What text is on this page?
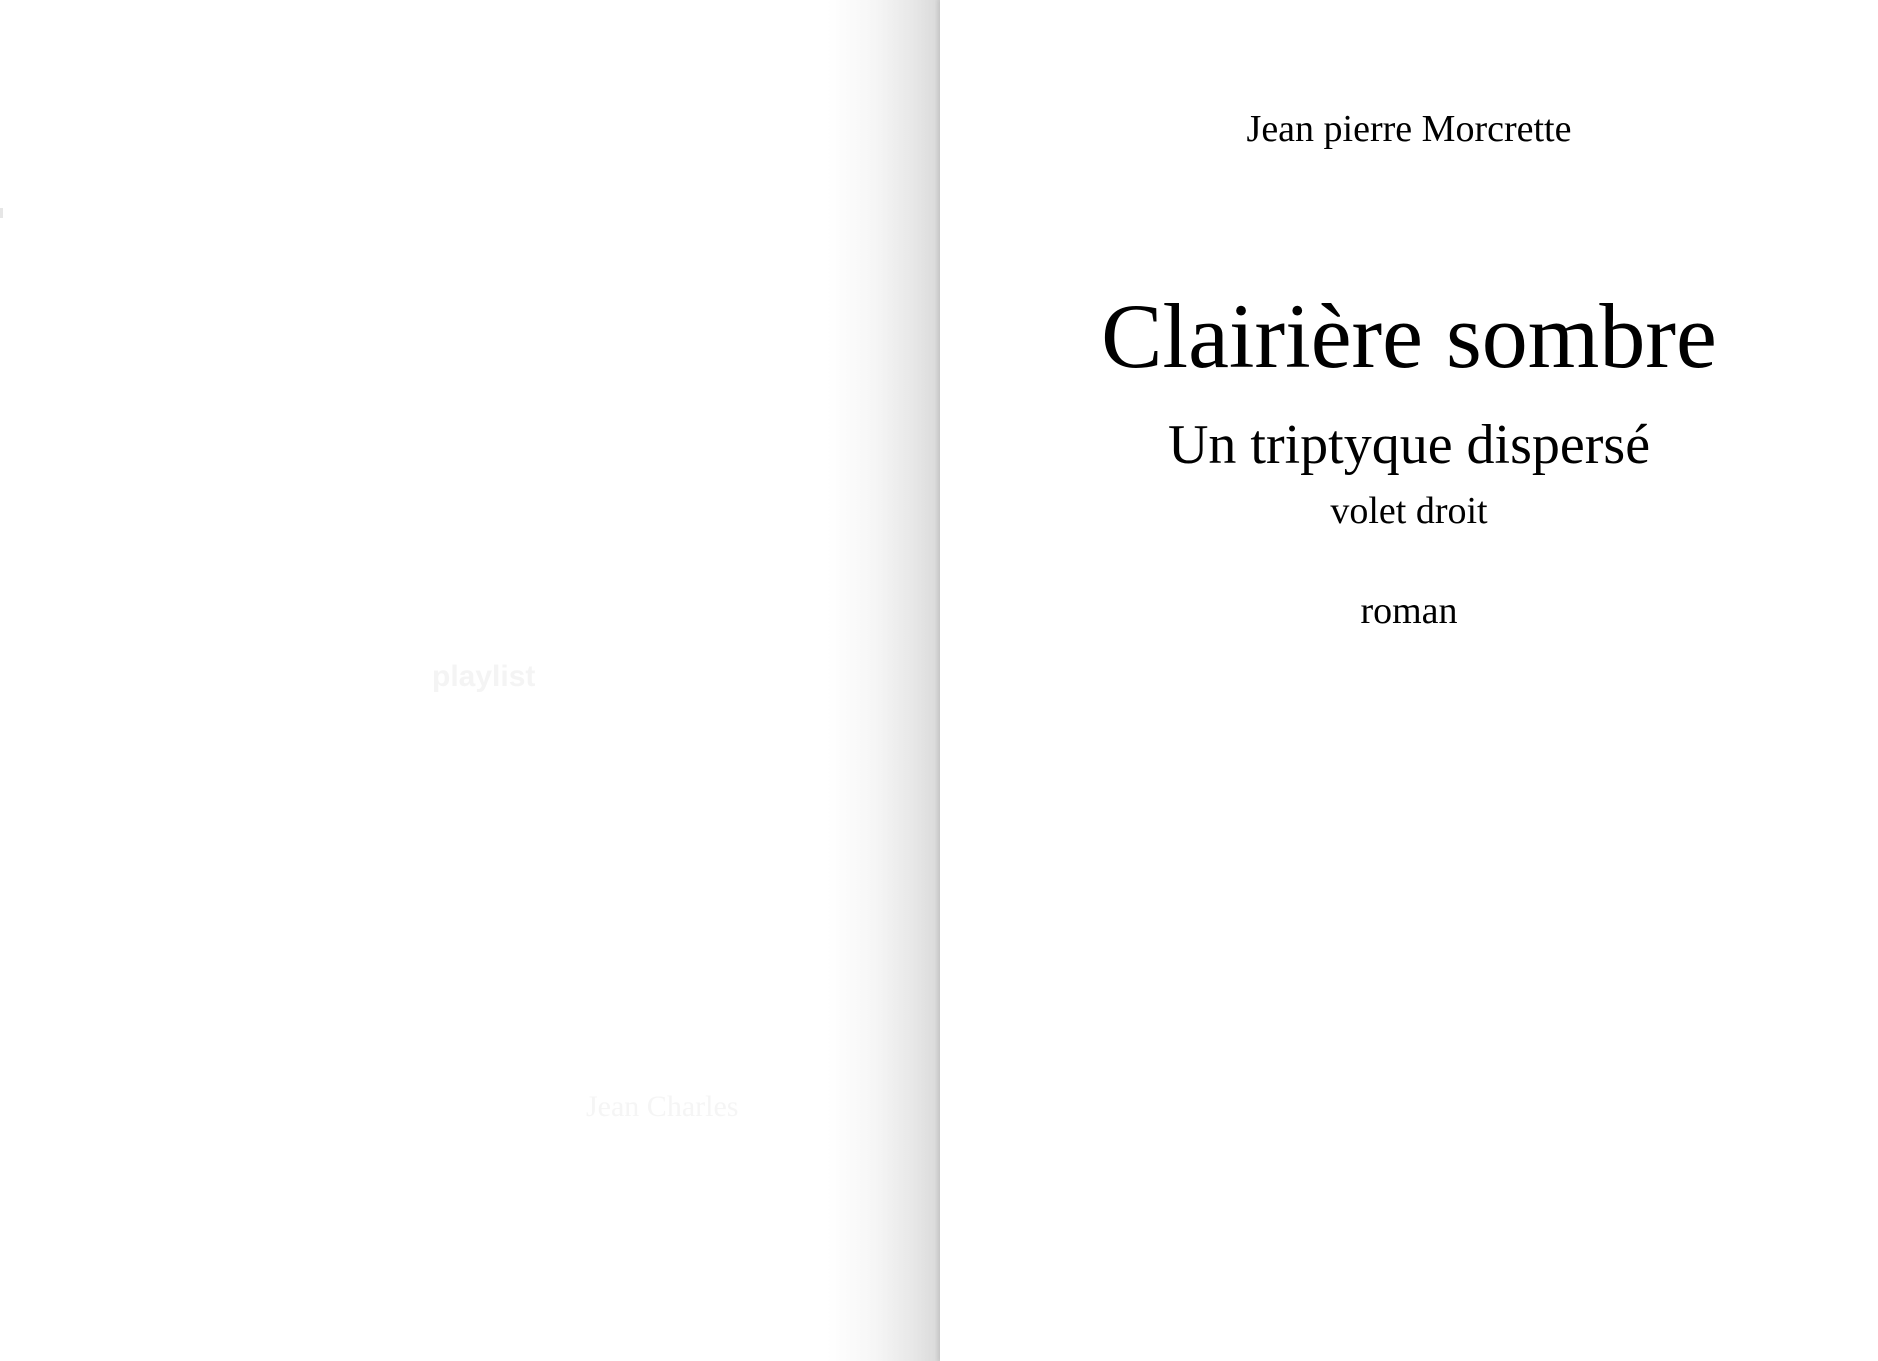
playlist
Jean Charles
Jean pierre Morcrette
Clairière sombre
Un triptyque dispersé
volet droit
roman
